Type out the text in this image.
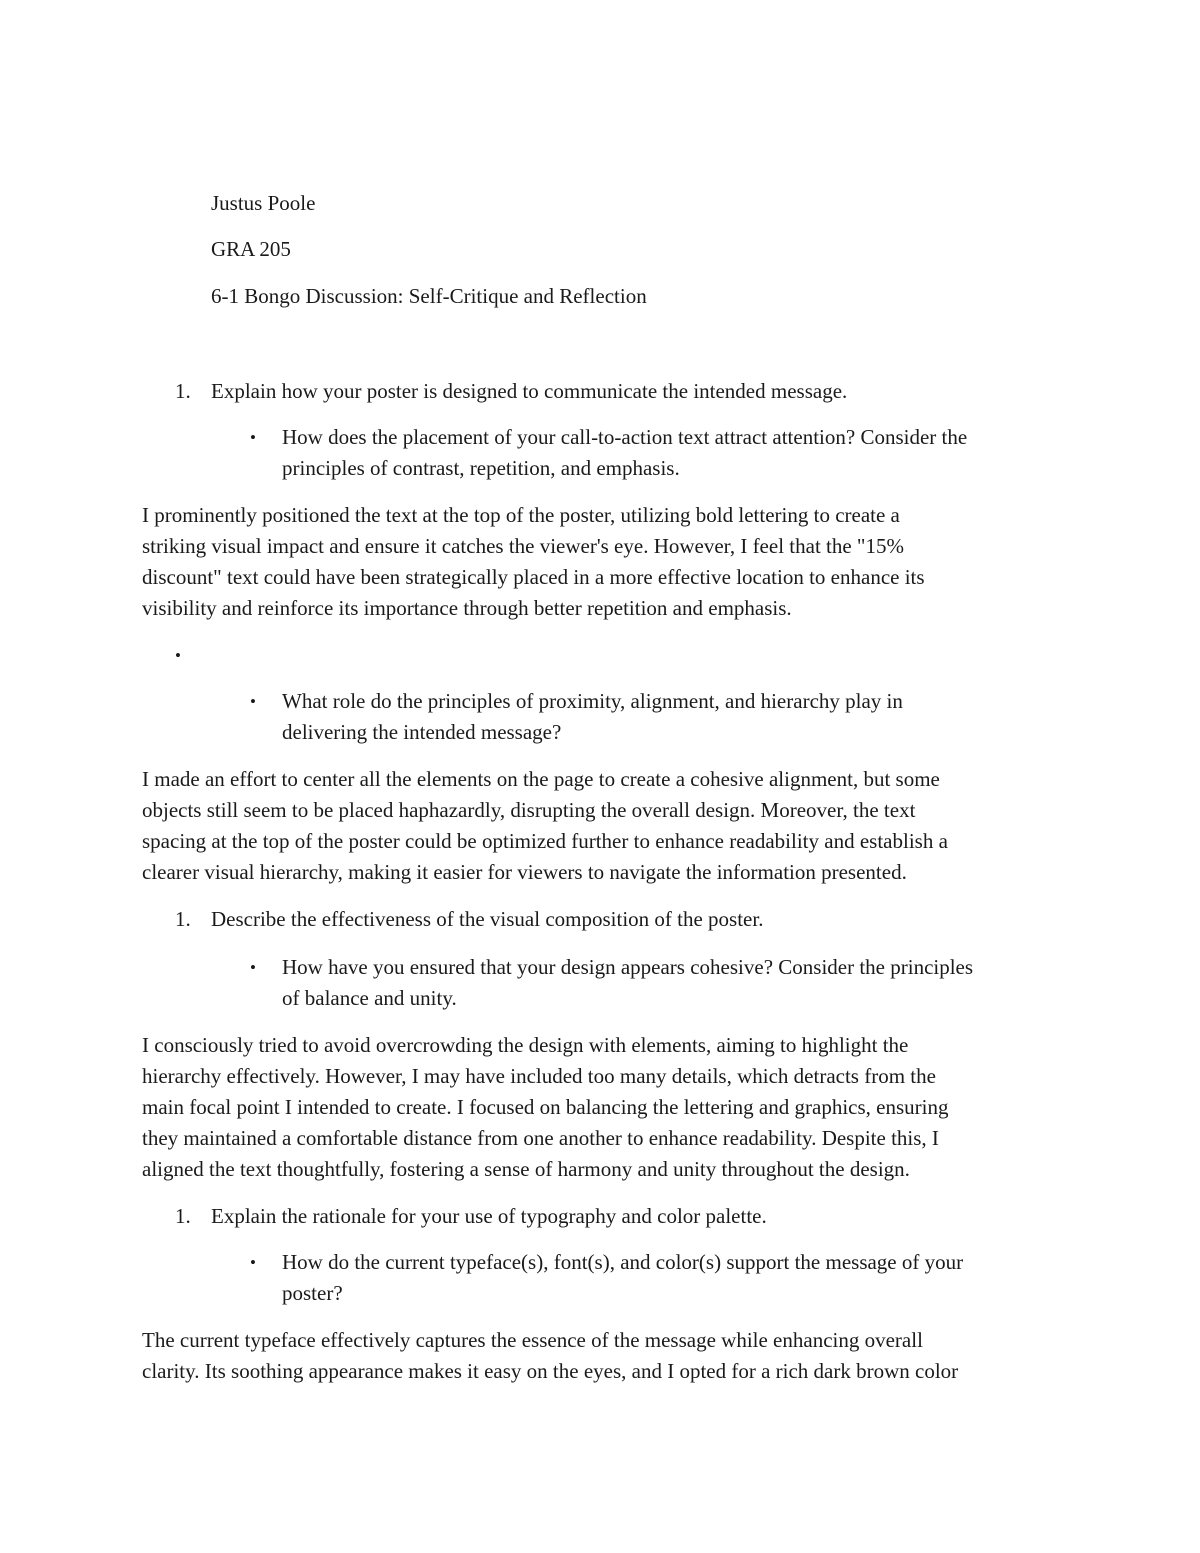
Justus Poole
GRA 205
6-1 Bongo Discussion: Self-Critique and Reflection
1. Explain how your poster is designed to communicate the intended message.
• How does the placement of your call-to-action text attract attention? Consider the
principles of contrast, repetition, and emphasis.
I prominently positioned the text at the top of the poster, utilizing bold lettering to create a
striking visual impact and ensure it catches the viewer's eye. However, I feel that the "15%
discount" text could have been strategically placed in a more effective location to enhance its
visibility and reinforce its importance through better repetition and emphasis.
•
• What role do the principles of proximity, alignment, and hierarchy play in
delivering the intended message?
I made an effort to center all the elements on the page to create a cohesive alignment, but some
objects still seem to be placed haphazardly, disrupting the overall design. Moreover, the text
spacing at the top of the poster could be optimized further to enhance readability and establish a
clearer visual hierarchy, making it easier for viewers to navigate the information presented.
1. Describe the effectiveness of the visual composition of the poster.
• How have you ensured that your design appears cohesive? Consider the principles
of balance and unity.
I consciously tried to avoid overcrowding the design with elements, aiming to highlight the
hierarchy effectively. However, I may have included too many details, which detracts from the
main focal point I intended to create. I focused on balancing the lettering and graphics, ensuring
they maintained a comfortable distance from one another to enhance readability. Despite this, I
aligned the text thoughtfully, fostering a sense of harmony and unity throughout the design.
1. Explain the rationale for your use of typography and color palette.
• How do the current typeface(s), font(s), and color(s) support the message of your
poster?
The current typeface effectively captures the essence of the message while enhancing overall
clarity. Its soothing appearance makes it easy on the eyes, and I opted for a rich dark brown color
